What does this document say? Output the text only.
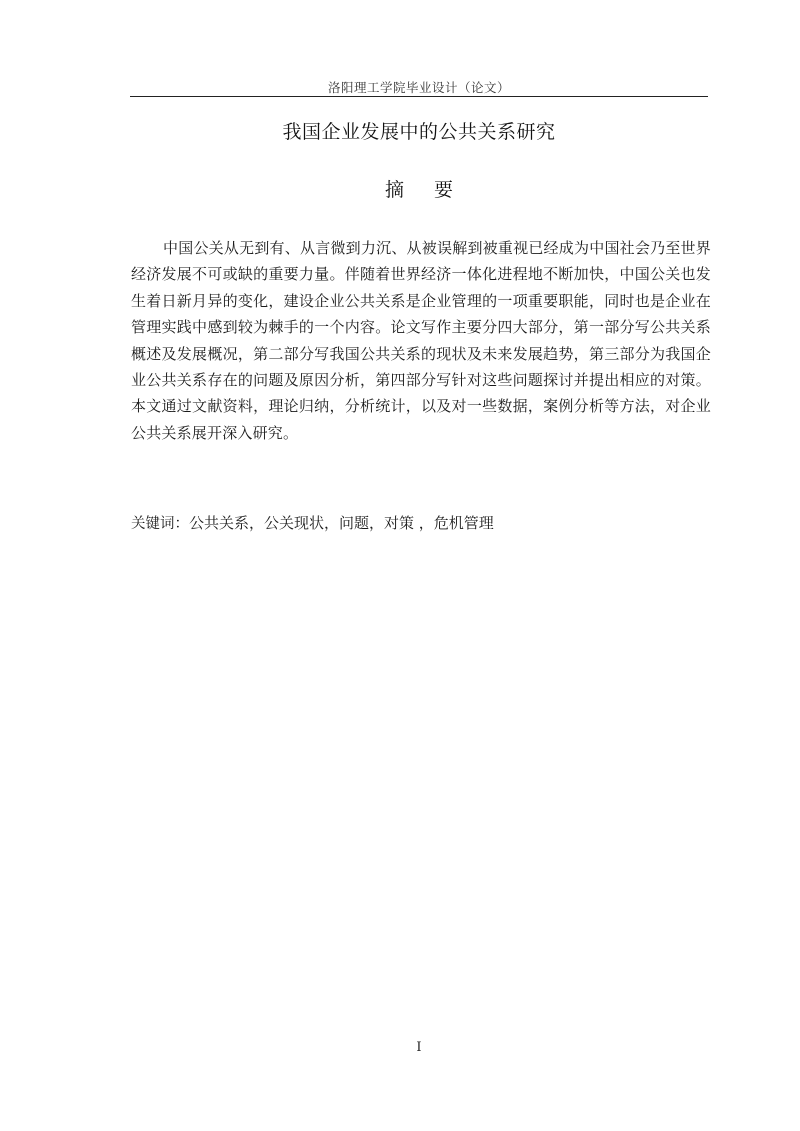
洛阳理工学院毕业设计（论文）
我国企业发展中的公共关系研究
摘 要

中国公关从无到有、从言微到力沉、从被误解到被重视已经成为中国社会乃至世界经济发展不可或缺的重要力量。伴随着世界经济一体化进程地不断加快，中国公关也发生着日新月异的变化，建设企业公共关系是企业管理的一项重要职能，同时也是企业在管理实践中感到较为棘手的一个内容。论文写作主要分四大部分，第一部分写公共关系概述及发展概况，第二部分写我国公共关系的现状及未来发展趋势，第三部分为我国企业公共关系存在的问题及原因分析，第四部分写针对这些问题探讨并提出相应的对策。本文通过文献资料，理论归纳，分析统计，以及对一些数据，案例分析等方法，对企业公共关系展开深入研究。

关键词：公共关系，公关现状，问题，对策 ，危机管理
I
